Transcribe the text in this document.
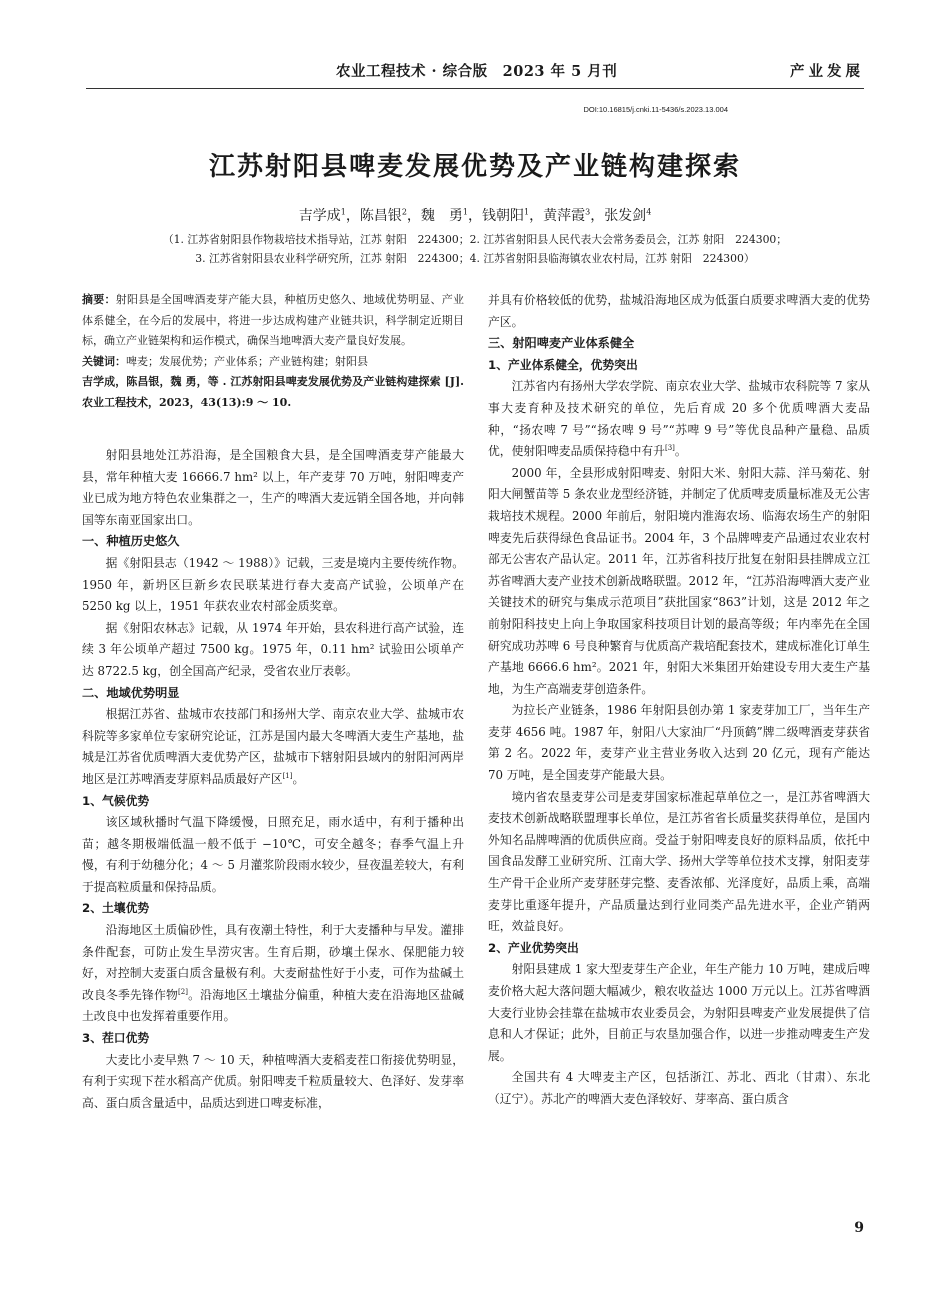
农业工程技术 · 综合版　2023 年 5 月刊	产业发展
DOI:10.16815/j.cnki.11-5436/s.2023.13.004
江苏射阳县啤麦发展优势及产业链构建探索
吉学成$^1$，陈昌银$^2$，魏　勇$^1$，钱朝阳$^1$，黄萍霞$^3$，张发剑$^4$
（1. 江苏省射阳县作物栽培技术指导站，江苏 射阳　224300；2. 江苏省射阳县人民代表大会常务委员会，江苏 射阳　224300；
3. 江苏省射阳县农业科学研究所，江苏 射阳　224300；4. 江苏省射阳县临海镇农业农村局，江苏 射阳　224300）

摘要：射阳县是全国啤酒麦芽产能大县，种植历史悠久、地域优势明显、产业体系健全，在今后的发展中，将进一步达成构建产业链共识，科学制定近期目标，确立产业链架构和运作模式，确保当地啤酒大麦产量良好发展。

关键词：啤麦；发展优势；产业体系；产业链构建；射阳县

吉学成，陈昌银，魏 勇，等 . 江苏射阳县啤麦发展优势及产业链构建探索 [J]. 农业工程技术，2023，43(13):9 ～ 10.

射阳县地处江苏沿海，是全国粮食大县，是全国啤酒麦芽产能最大县，常年种植大麦 16666.7 hm² 以上，年产麦芽 70 万吨，射阳啤麦产业已成为地方特色农业集群之一，生产的啤酒大麦远销全国各地，并向韩国等东南亚国家出口。

一、种植历史悠久

据《射阳县志（1942 ～ 1988）》记载，三麦是境内主要传统作物。1950 年，新坍区巨新乡农民联某进行春大麦高产试验，公顷单产在 5250 kg 以上，1951 年获农业农村部金质奖章。

据《射阳农林志》记载，从 1974 年开始，县农科进行高产试验，连续 3 年公顷单产超过 7500 kg。1975 年，0.11 hm² 试验田公顷单产达 8722.5 kg，创全国高产纪录，受省农业厅表彰。

二、地域优势明显

根据江苏省、盐城市农技部门和扬州大学、南京农业大学、盐城市农科院等多家单位专家研究论证，江苏是国内最大冬啤酒大麦生产基地，盐城是江苏省优质啤酒大麦优势产区，盐城市下辖射阳县域内的射阳河两岸地区是江苏啤酒麦芽原料品质最好产区[1]。

1、气候优势

该区域秋播时气温下降缓慢，日照充足，雨水适中，有利于播种出苗；越冬期极端低温一般不低于 −10℃，可安全越冬；春季气温上升慢，有利于幼穗分化；4 ～ 5 月灌浆阶段雨水较少，昼夜温差较大，有利于提高粒质量和保持品质。

2、土壤优势

沿海地区土质偏砂性，具有夜潮土特性，利于大麦播种与早发。灌排条件配套，可防止发生旱涝灾害。生育后期，砂壤土保水、保肥能力较好，对控制大麦蛋白质含量极有利。大麦耐盐性好于小麦，可作为盐碱土改良冬季先锋作物[2]。沿海地区土壤盐分偏重，种植大麦在沿海地区盐碱土改良中也发挥着重要作用。

3、茬口优势

大麦比小麦早熟 7 ～ 10 天，种植啤酒大麦稻麦茬口衔接优势明显，有利于实现下茬水稻高产优质。射阳啤麦千粒质量较大、色泽好、发芽率高、蛋白质含量适中，品质达到进口啤麦标准，

并具有价格较低的优势，盐城沿海地区成为低蛋白质要求啤酒大麦的优势产区。

三、射阳啤麦产业体系健全

1、产业体系健全，优势突出

江苏省内有扬州大学农学院、南京农业大学、盐城市农科院等 7 家从事大麦育种及技术研究的单位，先后育成 20 多个优质啤酒大麦品种，“扬农啤 7 号”“扬农啤 9 号”“苏啤 9 号”等优良品种产量稳、品质优，使射阳啤麦品质保持稳中有升[3]。

2000 年，全县形成射阳啤麦、射阳大米、射阳大蒜、洋马菊花、射阳大闸蟹苗等 5 条农业龙型经济链，并制定了优质啤麦质量标准及无公害栽培技术规程。2000 年前后，射阳境内淮海农场、临海农场生产的射阳啤麦先后获得绿色食品证书。2004 年，3 个品牌啤麦产品通过农业农村部无公害农产品认定。2011 年，江苏省科技厅批复在射阳县挂牌成立江苏省啤酒大麦产业技术创新战略联盟。2012 年，“江苏沿海啤酒大麦产业关键技术的研究与集成示范项目”获批国家“863”计划，这是 2012 年之前射阳科技史上向上争取国家科技项目计划的最高等级；年内率先在全国研究成功苏啤 6 号良种繁育与优质高产栽培配套技术，建成标准化订单生产基地 6666.6 hm²。2021 年，射阳大米集团开始建设专用大麦生产基地，为生产高端麦芽创造条件。

为拉长产业链条，1986 年射阳县创办第 1 家麦芽加工厂，当年生产麦芽 4656 吨。1987 年，射阳八大家油厂“丹顶鹤”牌二级啤酒麦芽获省第 2 名。2022 年，麦芽产业主营业务收入达到 20 亿元，现有产能达 70 万吨，是全国麦芽产能最大县。

境内省农垦麦芽公司是麦芽国家标准起草单位之一，是江苏省啤酒大麦技术创新战略联盟理事长单位，是江苏省省长质量奖获得单位，是国内外知名品牌啤酒的优质供应商。受益于射阳啤麦良好的原料品质，依托中国食品发酵工业研究所、江南大学、扬州大学等单位技术支撑，射阳麦芽生产骨干企业所产麦芽胚芽完整、麦香浓郁、光泽度好，品质上乘，高端麦芽比重逐年提升，产品质量达到行业同类产品先进水平，企业产销两旺，效益良好。

2、产业优势突出

射阳县建成 1 家大型麦芽生产企业，年生产能力 10 万吨，建成后啤麦价格大起大落问题大幅减少，粮农收益达 1000 万元以上。江苏省啤酒大麦行业协会挂靠在盐城市农业委员会，为射阳县啤麦产业发展提供了信息和人才保证；此外，目前正与农垦加强合作，以进一步推动啤麦生产发展。

全国共有 4 大啤麦主产区，包括浙江、苏北、西北（甘肃）、东北（辽宁）。苏北产的啤酒大麦色泽较好、芽率高、蛋白质含

9
